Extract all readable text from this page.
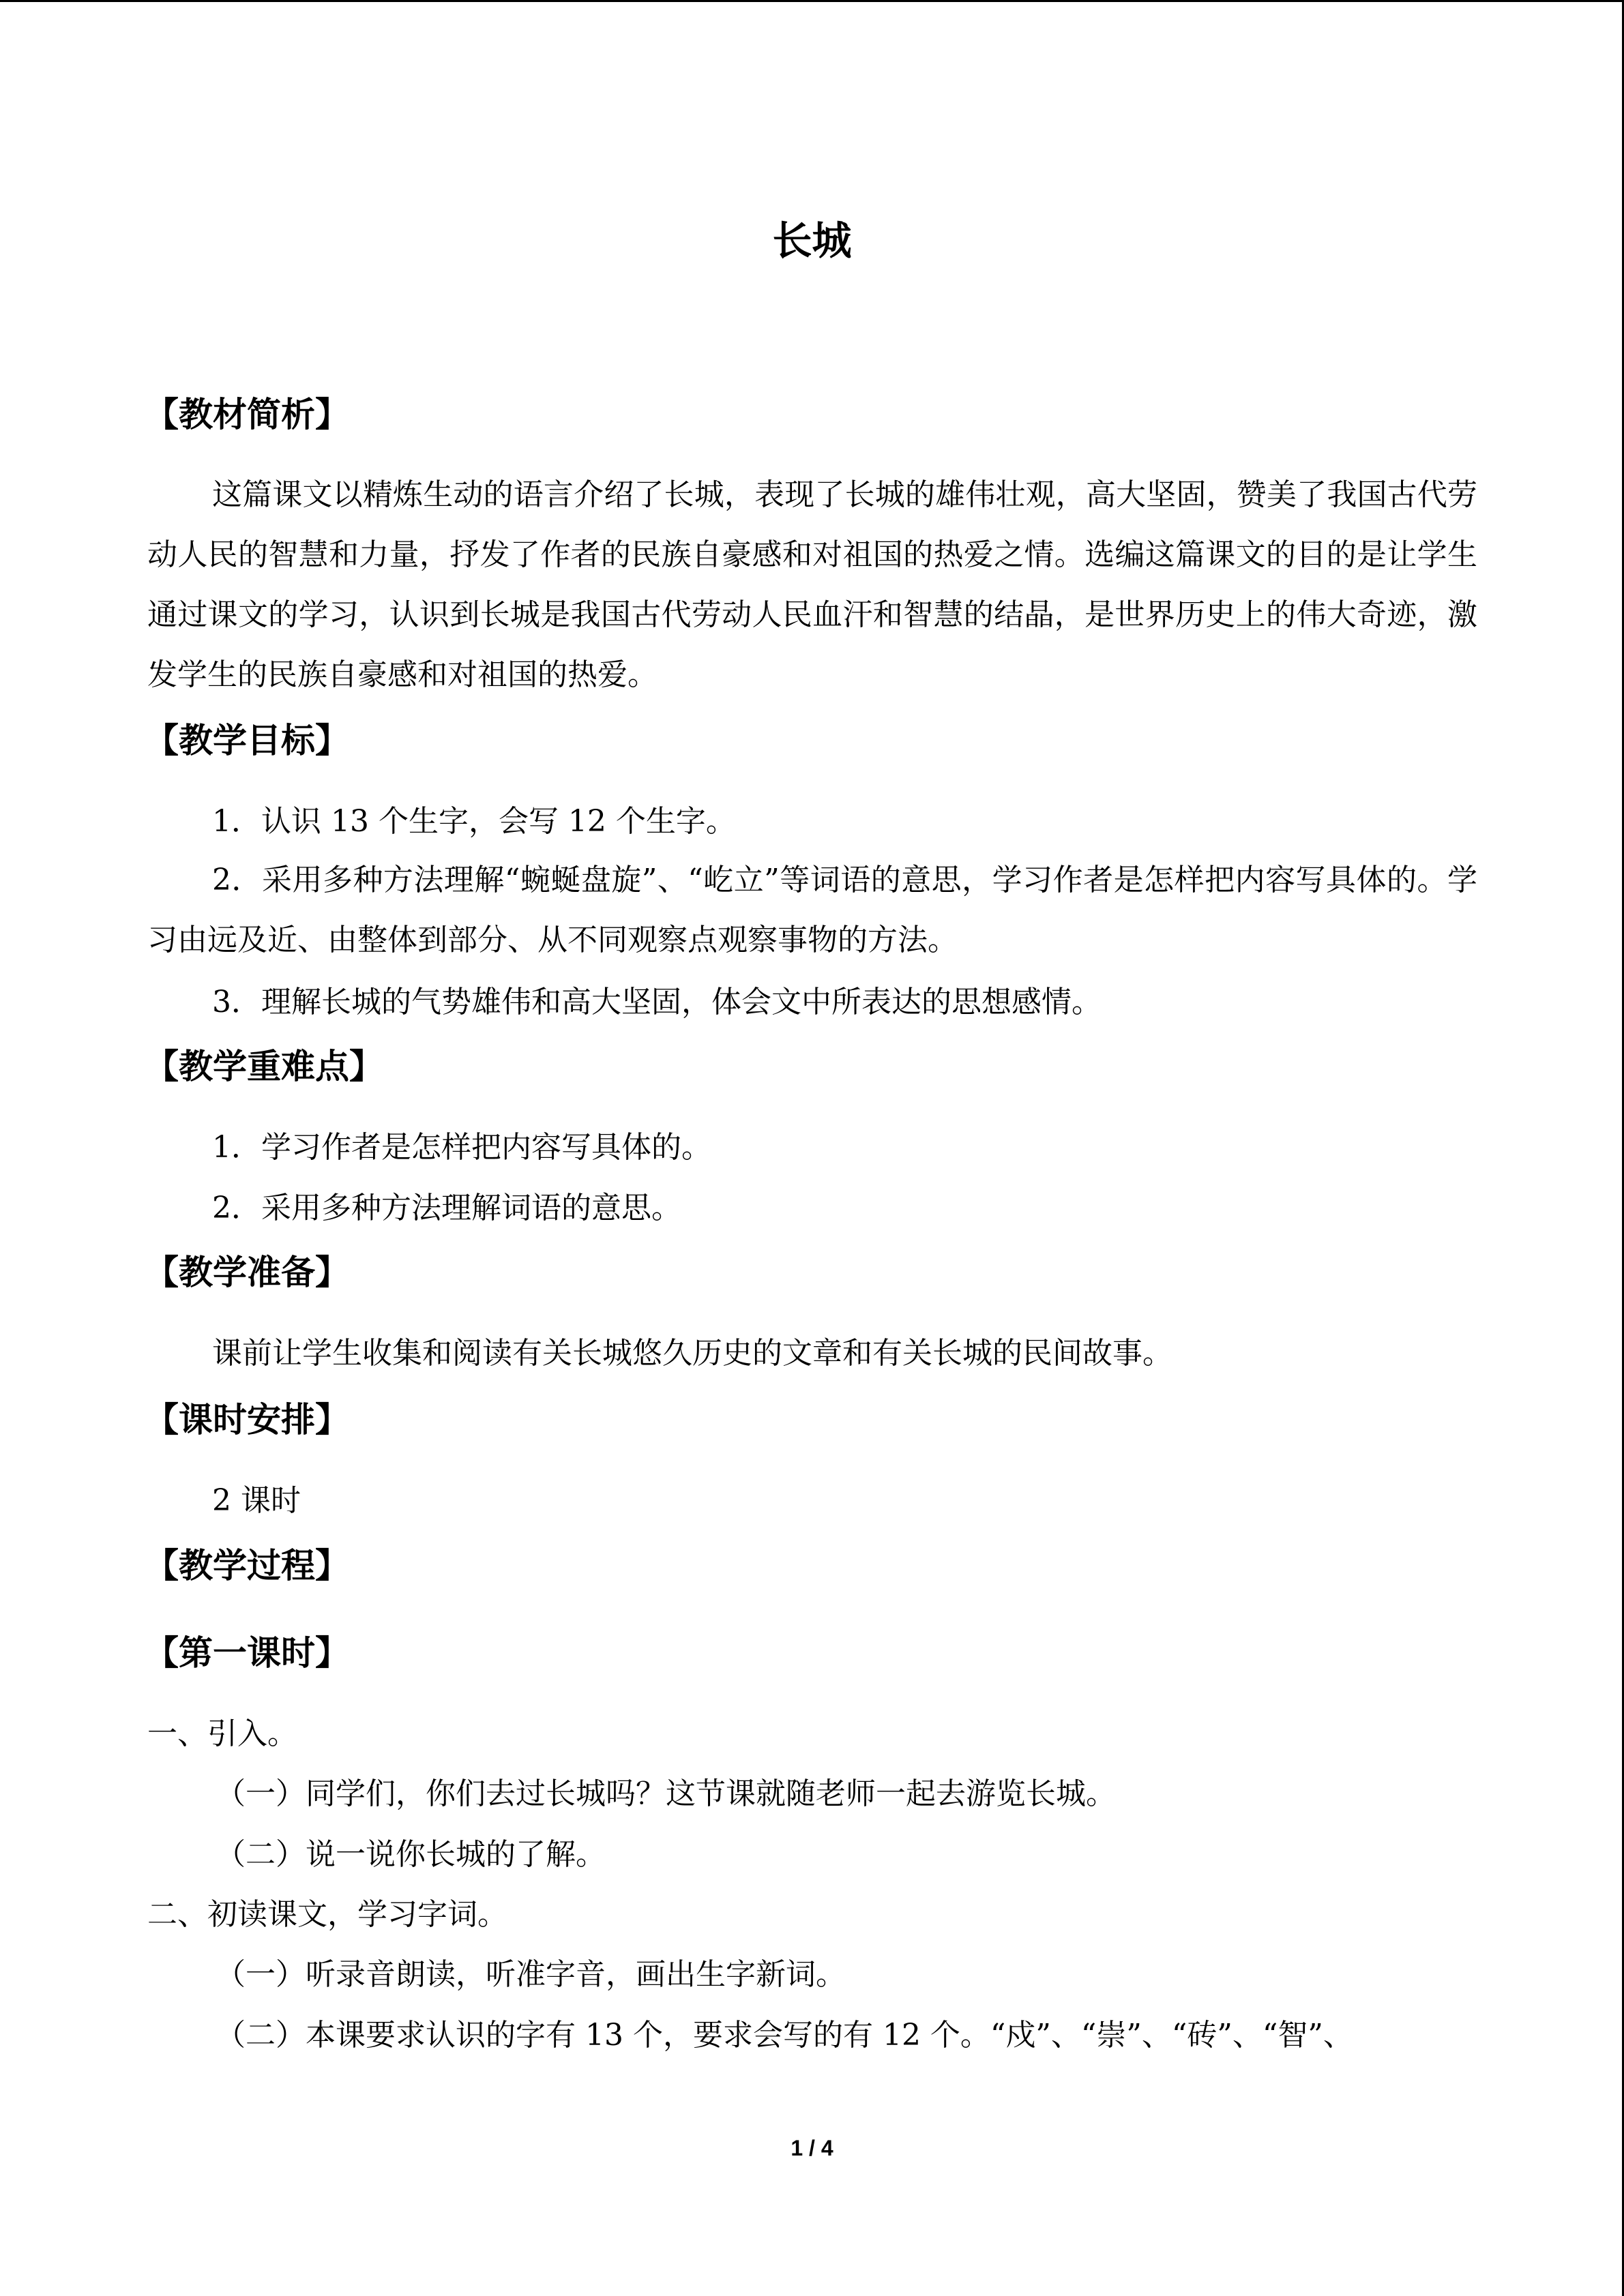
长城
【教材简析】
这篇课文以精炼生动的语言介绍了长城，表现了长城的雄伟壮观，高大坚固，赞美了我国古代劳动人民的智慧和力量，抒发了作者的民族自豪感和对祖国的热爱之情。选编这篇课文的目的是让学生通过课文的学习，认识到长城是我国古代劳动人民血汗和智慧的结晶，是世界历史上的伟大奇迹，激发学生的民族自豪感和对祖国的热爱。
【教学目标】
1．认识 13 个生字，会写 12 个生字。
2．采用多种方法理解“蜿蜒盘旋”、“屹立”等词语的意思，学习作者是怎样把内容写具体的。学习由远及近、由整体到部分、从不同观察点观察事物的方法。
3．理解长城的气势雄伟和高大坚固，体会文中所表达的思想感情。
【教学重难点】
1．学习作者是怎样把内容写具体的。
2．采用多种方法理解词语的意思。
【教学准备】
课前让学生收集和阅读有关长城悠久历史的文章和有关长城的民间故事。
【课时安排】
2 课时
【教学过程】
【第一课时】
一、引入。
（一）同学们，你们去过长城吗？这节课就随老师一起去游览长城。
（二）说一说你长城的了解。
二、初读课文，学习字词。
（一）听录音朗读，听准字音，画出生字新词。
（二）本课要求认识的字有 13 个，要求会写的有 12 个。“戍”、“崇”、“砖”、“智”、
1 / 4
